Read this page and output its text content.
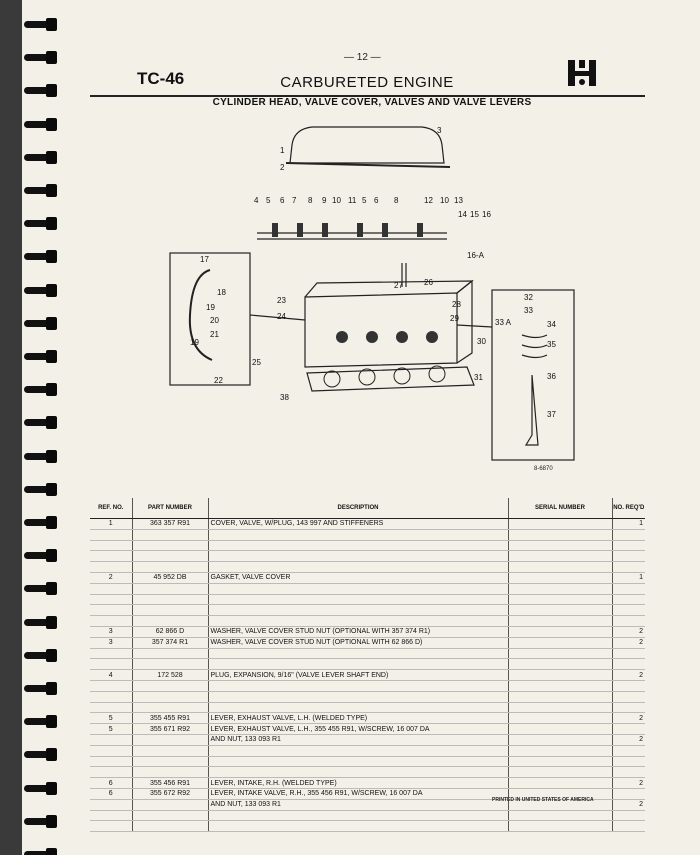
— 12 —
TC-46	CARBURETED ENGINE
CYLINDER HEAD, VALVE COVER, VALVES AND VALVE LEVERS
1
2
3
4 5 6 7 8 9 10 11 5 6 8	12 10 13
14 15 16
16-A
17
18
19
20
21
19
22
23
24
25
26
27
28
29
30
31
32
33
33 A	34
35
36
37
38
8-6870
REF. NO.	PART NUMBER	DESCRIPTION	SERIAL NUMBER	NO. REQ'D
1	363 357 R91	COVER, VALVE, W/PLUG, 143 997 AND STIFFENERS		1

2	45 952 DB	GASKET, VALVE COVER		1

3	62 866 D	WASHER, VALVE COVER STUD NUT (OPTIONAL WITH 357 374 R1)		2
3	357 374 R1	WASHER, VALVE COVER STUD NUT (OPTIONAL WITH 62 866 D)		2

4	172 528	PLUG, EXPANSION, 9/16" (VALVE LEVER SHAFT END)		2

5	355 455 R91	LEVER, EXHAUST VALVE, L.H. (WELDED TYPE)		2
5	355 671 R92	LEVER, EXHAUST VALVE, L.H., 355 455 R91, W/SCREW, 16 007 DA		
		AND NUT, 133 093 R1		2

6	355 456 R91	LEVER, INTAKE, R.H. (WELDED TYPE)		2
6	355 672 R92	LEVER, INTAKE VALVE, R.H., 355 456 R91, W/SCREW, 16 007 DA		
		AND NUT, 133 093 R1		2

PRINTED IN UNITED STATES OF AMERICA
